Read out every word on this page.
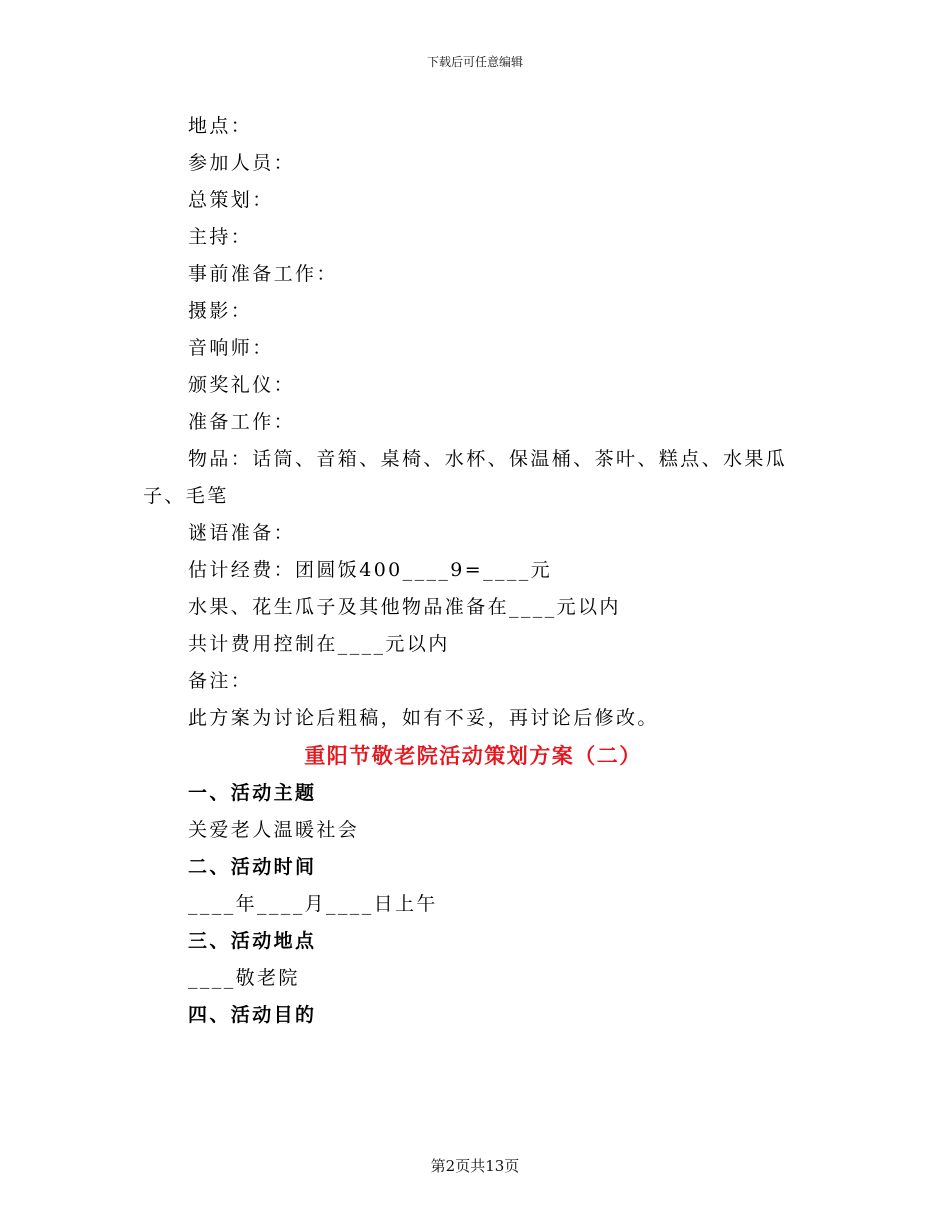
下载后可任意编辑
地点：
参加人员：
总策划：
主持：
事前准备工作：
摄影：
音响师：
颁奖礼仪：
准备工作：
物品：话筒、音箱、桌椅、水杯、保温桶、茶叶、糕点、水果瓜子、毛笔
谜语准备：
估计经费：团圆饭400____9=____元
水果、花生瓜子及其他物品准备在____元以内
共计费用控制在____元以内
备注：
此方案为讨论后粗稿，如有不妥，再讨论后修改。
重阳节敬老院活动策划方案（二）
一、活动主题
关爱老人温暖社会
二、活动时间
____年____月____日上午
三、活动地点
____敬老院
四、活动目的
第2页共13页
